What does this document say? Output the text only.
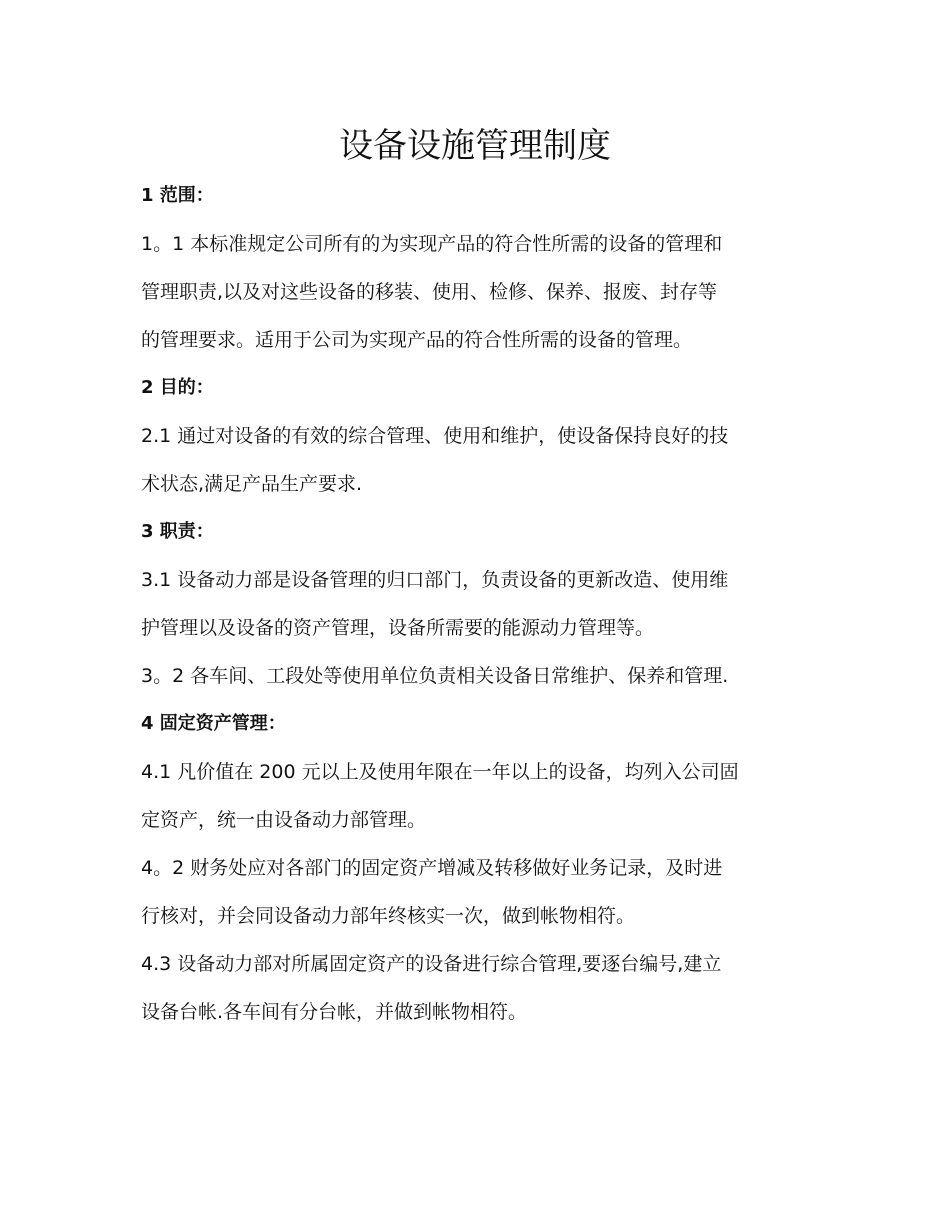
设备设施管理制度
1 范围：
1。1 本标准规定公司所有的为实现产品的符合性所需的设备的管理和
管理职责,以及对这些设备的移装、使用、检修、保养、报废、封存等
的管理要求。适用于公司为实现产品的符合性所需的设备的管理。
2 目的：
2.1 通过对设备的有效的综合管理、使用和维护，使设备保持良好的技
术状态,满足产品生产要求.
3 职责：
3.1 设备动力部是设备管理的归口部门，负责设备的更新改造、使用维
护管理以及设备的资产管理，设备所需要的能源动力管理等。
3。2 各车间、工段处等使用单位负责相关设备日常维护、保养和管理.
4 固定资产管理：
4.1 凡价值在 200 元以上及使用年限在一年以上的设备，均列入公司固
定资产，统一由设备动力部管理。
4。2 财务处应对各部门的固定资产增减及转移做好业务记录，及时进
行核对，并会同设备动力部年终核实一次，做到帐物相符。
4.3 设备动力部对所属固定资产的设备进行综合管理,要逐台编号,建立
设备台帐.各车间有分台帐，并做到帐物相符。
